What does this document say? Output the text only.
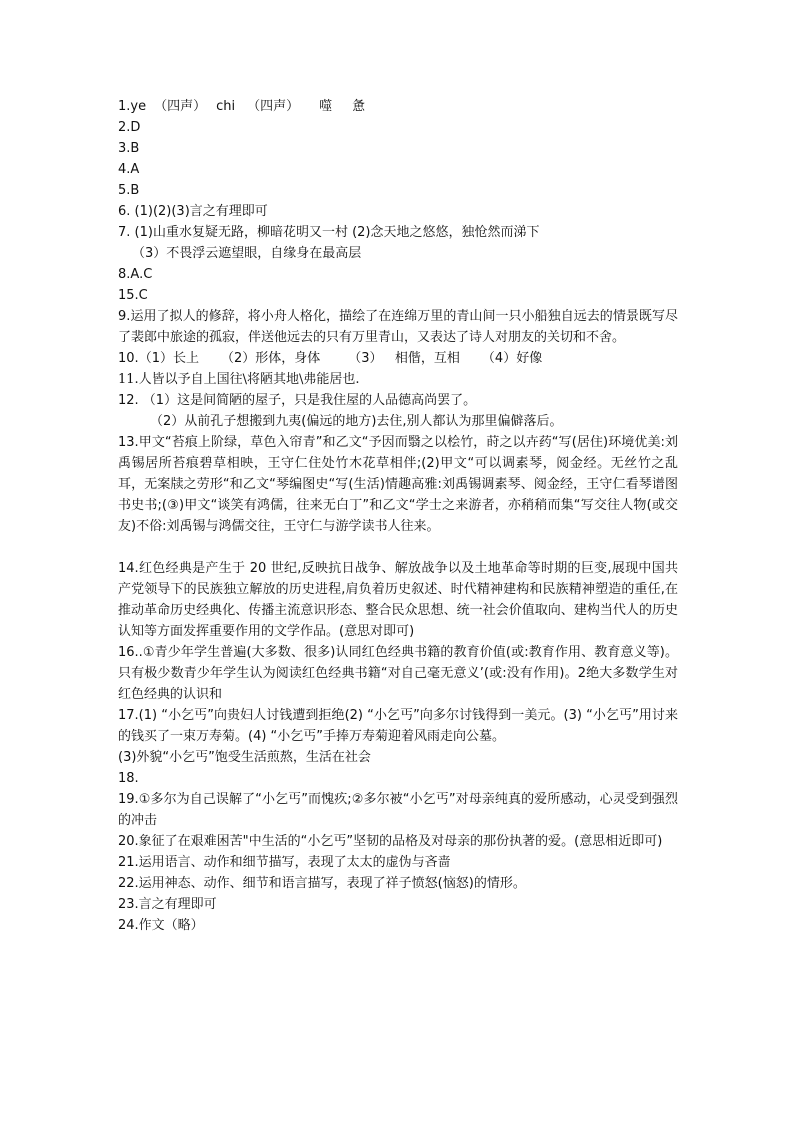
1.ye （四声） chi （四声） 噬 惫
2.D
3.B
4.A
5.B
6. (1)(2)(3)言之有理即可
7. (1)山重水复疑无路，柳暗花明又一村 (2)念天地之悠悠，独怆然而涕下
（3）不畏浮云遮望眼，自缘身在最高层
8.A.C
15.C
9.运用了拟人的修辞，将小舟人格化，描绘了在连绵万里的青山间一只小船独自远去的情景既写尽了裴郎中旅途的孤寂，伴送他远去的只有万里青山，又表达了诗人对朋友的关切和不舍。
10. （1）长上 （2）形体，身体 （3）   相偕，互相 （4）好像
11.人皆以予自上国往\将陋其地\弗能居也.
12. （1）这是间简陋的屋子，只是我住屋的人品德高尚罢了。
（2）从前孔子想搬到九夷(偏远的地方)去住,别人都认为那里偏僻落后。
13.甲文“苔痕上阶绿，草色入帘青”和乙文“予因而翳之以桧竹，莳之以卉药“写(居住)环境优美:刘禹锡居所苔痕碧草相映，王守仁住处竹木花草相伴;(2)甲文“可以调素琴，阅金经。无丝竹之乱耳，无案牍之劳形“和乙文“琴编图史“写(生活)情趣高雅:刘禹锡调素琴、阅金经，王守仁看琴谱图书史书;(③)甲文“谈笑有鸿儒，往来无白丁”和乙文“学士之来游者，亦稍稍而集“写交往人物(或交友)不俗:刘禹锡与鸿儒交往，王守仁与游学读书人往来。
14.红色经典是产生于 20 世纪,反映抗日战争、解放战争以及土地革命等时期的巨变,展现中国共产党领导下的民族独立解放的历史进程,肩负着历史叙述、时代精神建构和民族精神塑造的重任,在推动革命历史经典化、传播主流意识形态、整合民众思想、统一社会价值取向、建构当代人的历史认知等方面发挥重要作用的文学作品。(意思对即可)
16..①青少年学生普遍(大多数、很多)认同红色经典书籍的教育价值(或:教育作用、教育意义等)。只有极少数青少年学生认为阅读红色经典书籍“对自己毫无意义’(或:没有作用)。2绝大多数学生对红色经典的认识和
17.(1) “小乞丐”向贵妇人讨钱遭到拒绝(2) “小乞丐”向多尔讨钱得到一美元。(3) “小乞丐”用讨来的钱买了一束万寿菊。(4) “小乞丐”手捧万寿菊迎着风雨走向公墓。
(3)外貌“小乞丐”饱受生活煎熬，生活在社会
18.
19.①多尔为自己误解了“小乞丐”而愧疚;②多尔被“小乞丐”对母亲纯真的爱所感动，心灵受到强烈的冲击
20.象征了在艰难困苦"中生活的“小乞丐”坚韧的品格及对母亲的那份执著的爱。(意思相近即可)
21.运用语言、动作和细节描写，表现了太太的虚伪与吝啬
22.运用神态、动作、细节和语言描写，表现了祥子愤怒(恼怒)的情形。
23.言之有理即可
24.作文（略）
